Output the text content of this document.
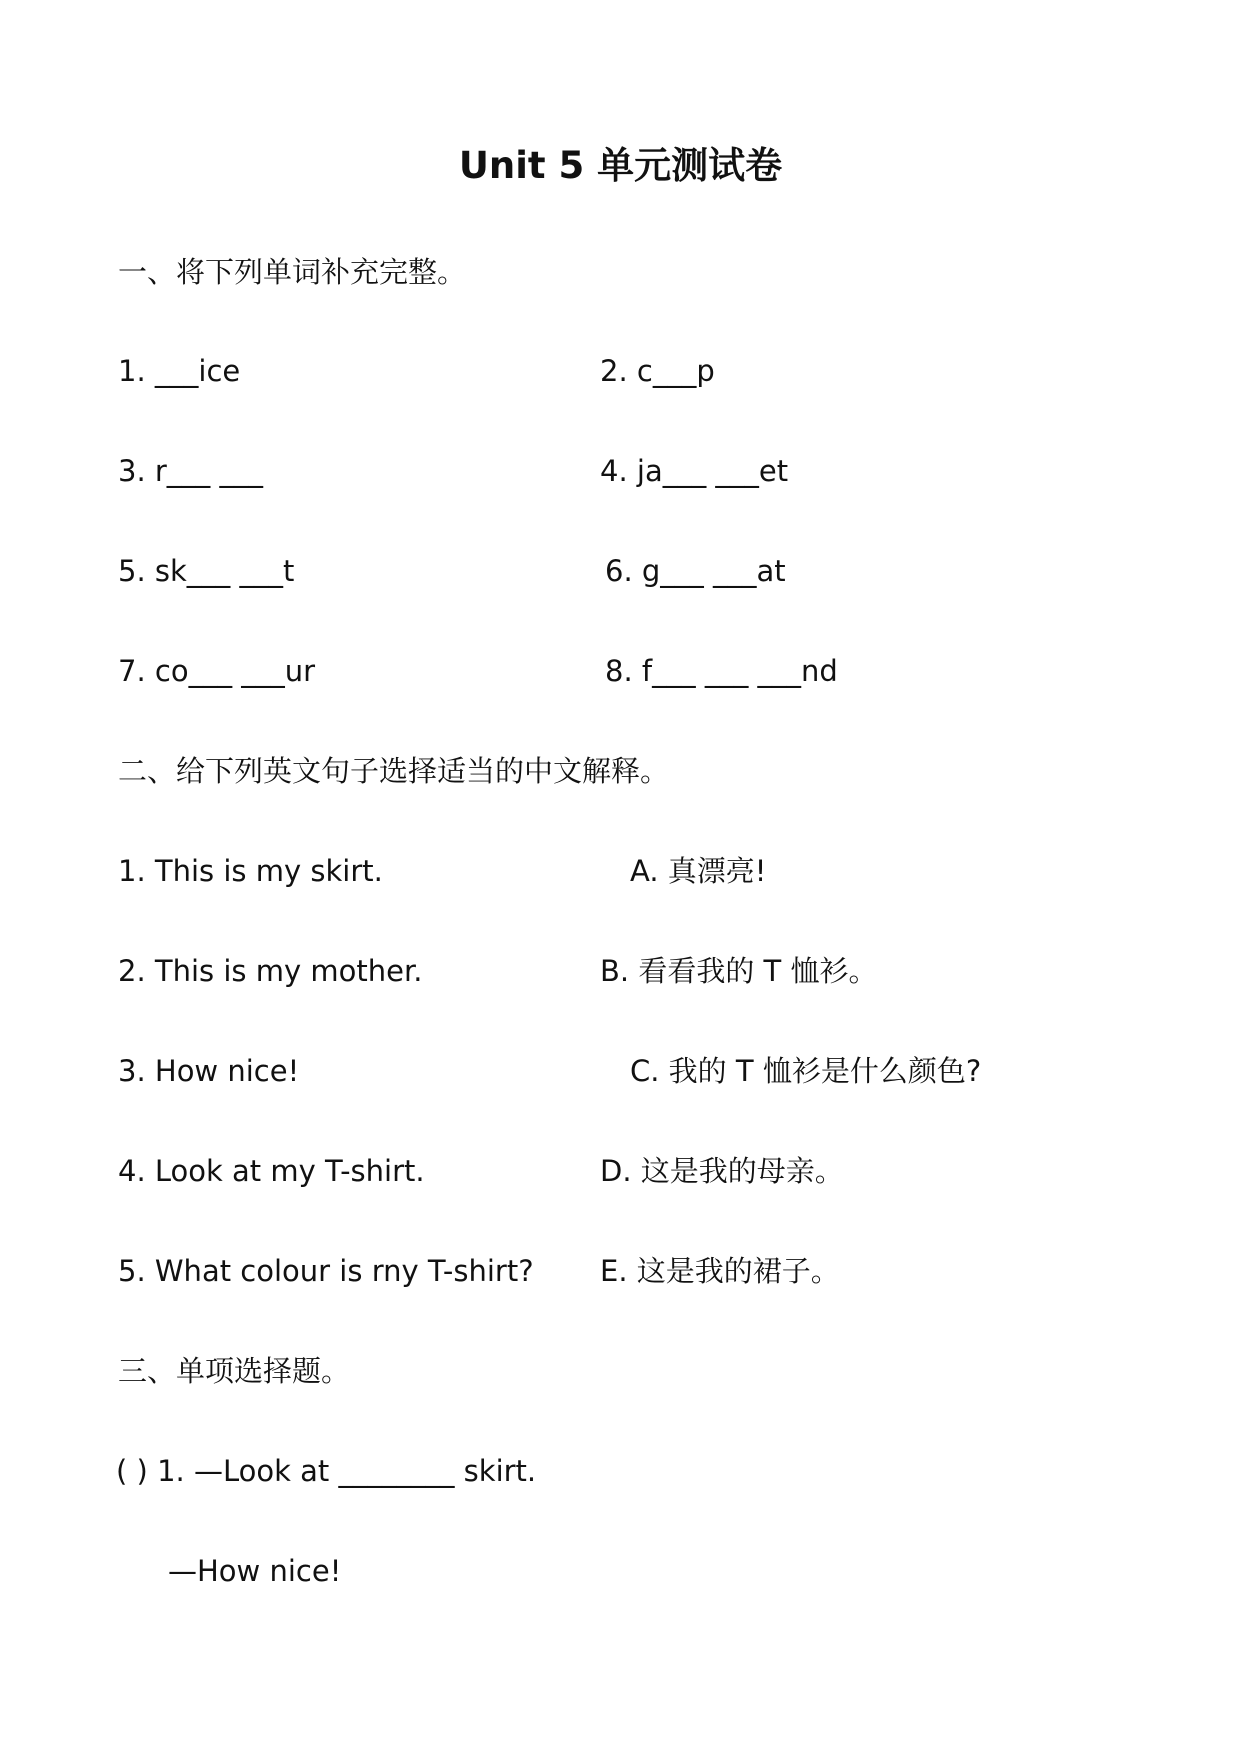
Unit 5 单元测试卷
一、将下列单词补充完整。
1. ___ice	2. c___p
3. r___ ___	4. ja___ ___et
5. sk___ ___t	6. g___ ___at
7. co___ ___ur	8. f___ ___ ___nd
二、给下列英文句子选择适当的中文解释。
1. This is my skirt.	A. 真漂亮!
2. This is my mother.	B. 看看我的 T 恤衫。
3. How nice!	C. 我的 T 恤衫是什么颜色?
4. Look at my T-shirt.	D. 这是我的母亲。
5. What colour is rny T-shirt? E. 这是我的裙子。
三、单项选择题。
( ) 1. —Look at ________ skirt.
—How nice!
